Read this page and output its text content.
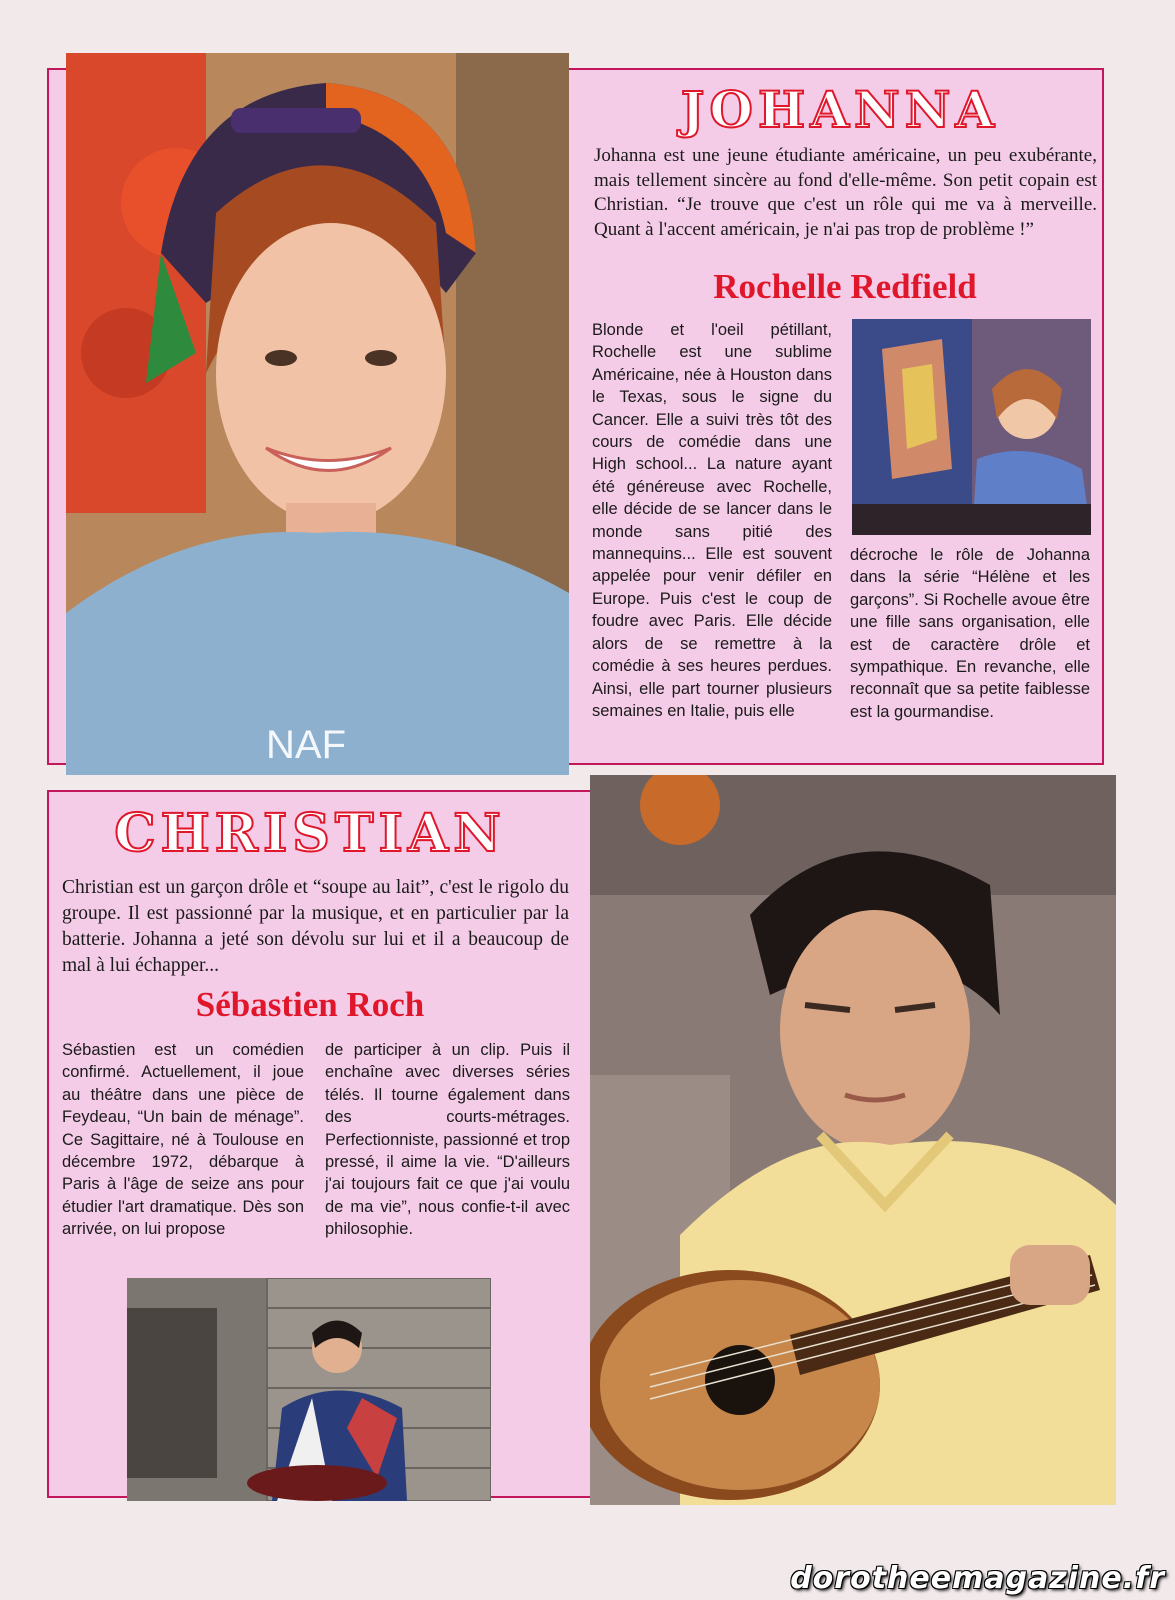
NAF
JOHANNA

Johanna est une jeune étudiante américaine, un peu exubérante, mais tellement sincère au fond d'elle-même. Son petit copain est Christian. “Je trouve que c'est un rôle qui me va à merveille. Quant à l'accent américain, je n'ai pas trop de problème !”

Rochelle Redfield

Blonde et l'oeil pétillant, Rochelle est une sublime Américaine, née à Houston dans le Texas, sous le signe du Cancer. Elle a suivi très tôt des cours de comédie dans une High school... La nature ayant été généreuse avec Rochelle, elle décide de se lancer dans le monde sans pitié des mannequins... Elle est souvent appelée pour venir défiler en Europe. Puis c'est le coup de foudre avec Paris. Elle décide alors de se remettre à la comédie à ses heures perdues. Ainsi, elle part tourner plusieurs semaines en Italie, puis elle

décroche le rôle de Johanna dans la série “Hélène et les garçons”. Si Rochelle avoue être une fille sans organisation, elle est de caractère drôle et sympathique. En revanche, elle reconnaît que sa petite faiblesse est la gourmandise.

CHRISTIAN

Christian est un garçon drôle et “soupe au lait”, c'est le rigolo du groupe. Il est passionné par la musique, et en particulier par la batterie. Johanna a jeté son dévolu sur lui et il a beaucoup de mal à lui échapper...

Sébastien Roch

Sébastien est un comédien confirmé. Actuellement, il joue au théâtre dans une pièce de Feydeau, “Un bain de ménage”. Ce Sagittaire, né à Toulouse en décembre 1972, débarque à Paris à l'âge de seize ans pour étudier l'art dramatique. Dès son arrivée, on lui propose

de participer à un clip. Puis il enchaîne avec diverses séries télés. Il tourne également dans des courts-métrages. Perfectionniste, passionné et trop pressé, il aime la vie. “D'ailleurs j'ai toujours fait ce que j'ai voulu de ma vie”, nous confie-t-il avec philosophie.

dorotheemagazine.fr
